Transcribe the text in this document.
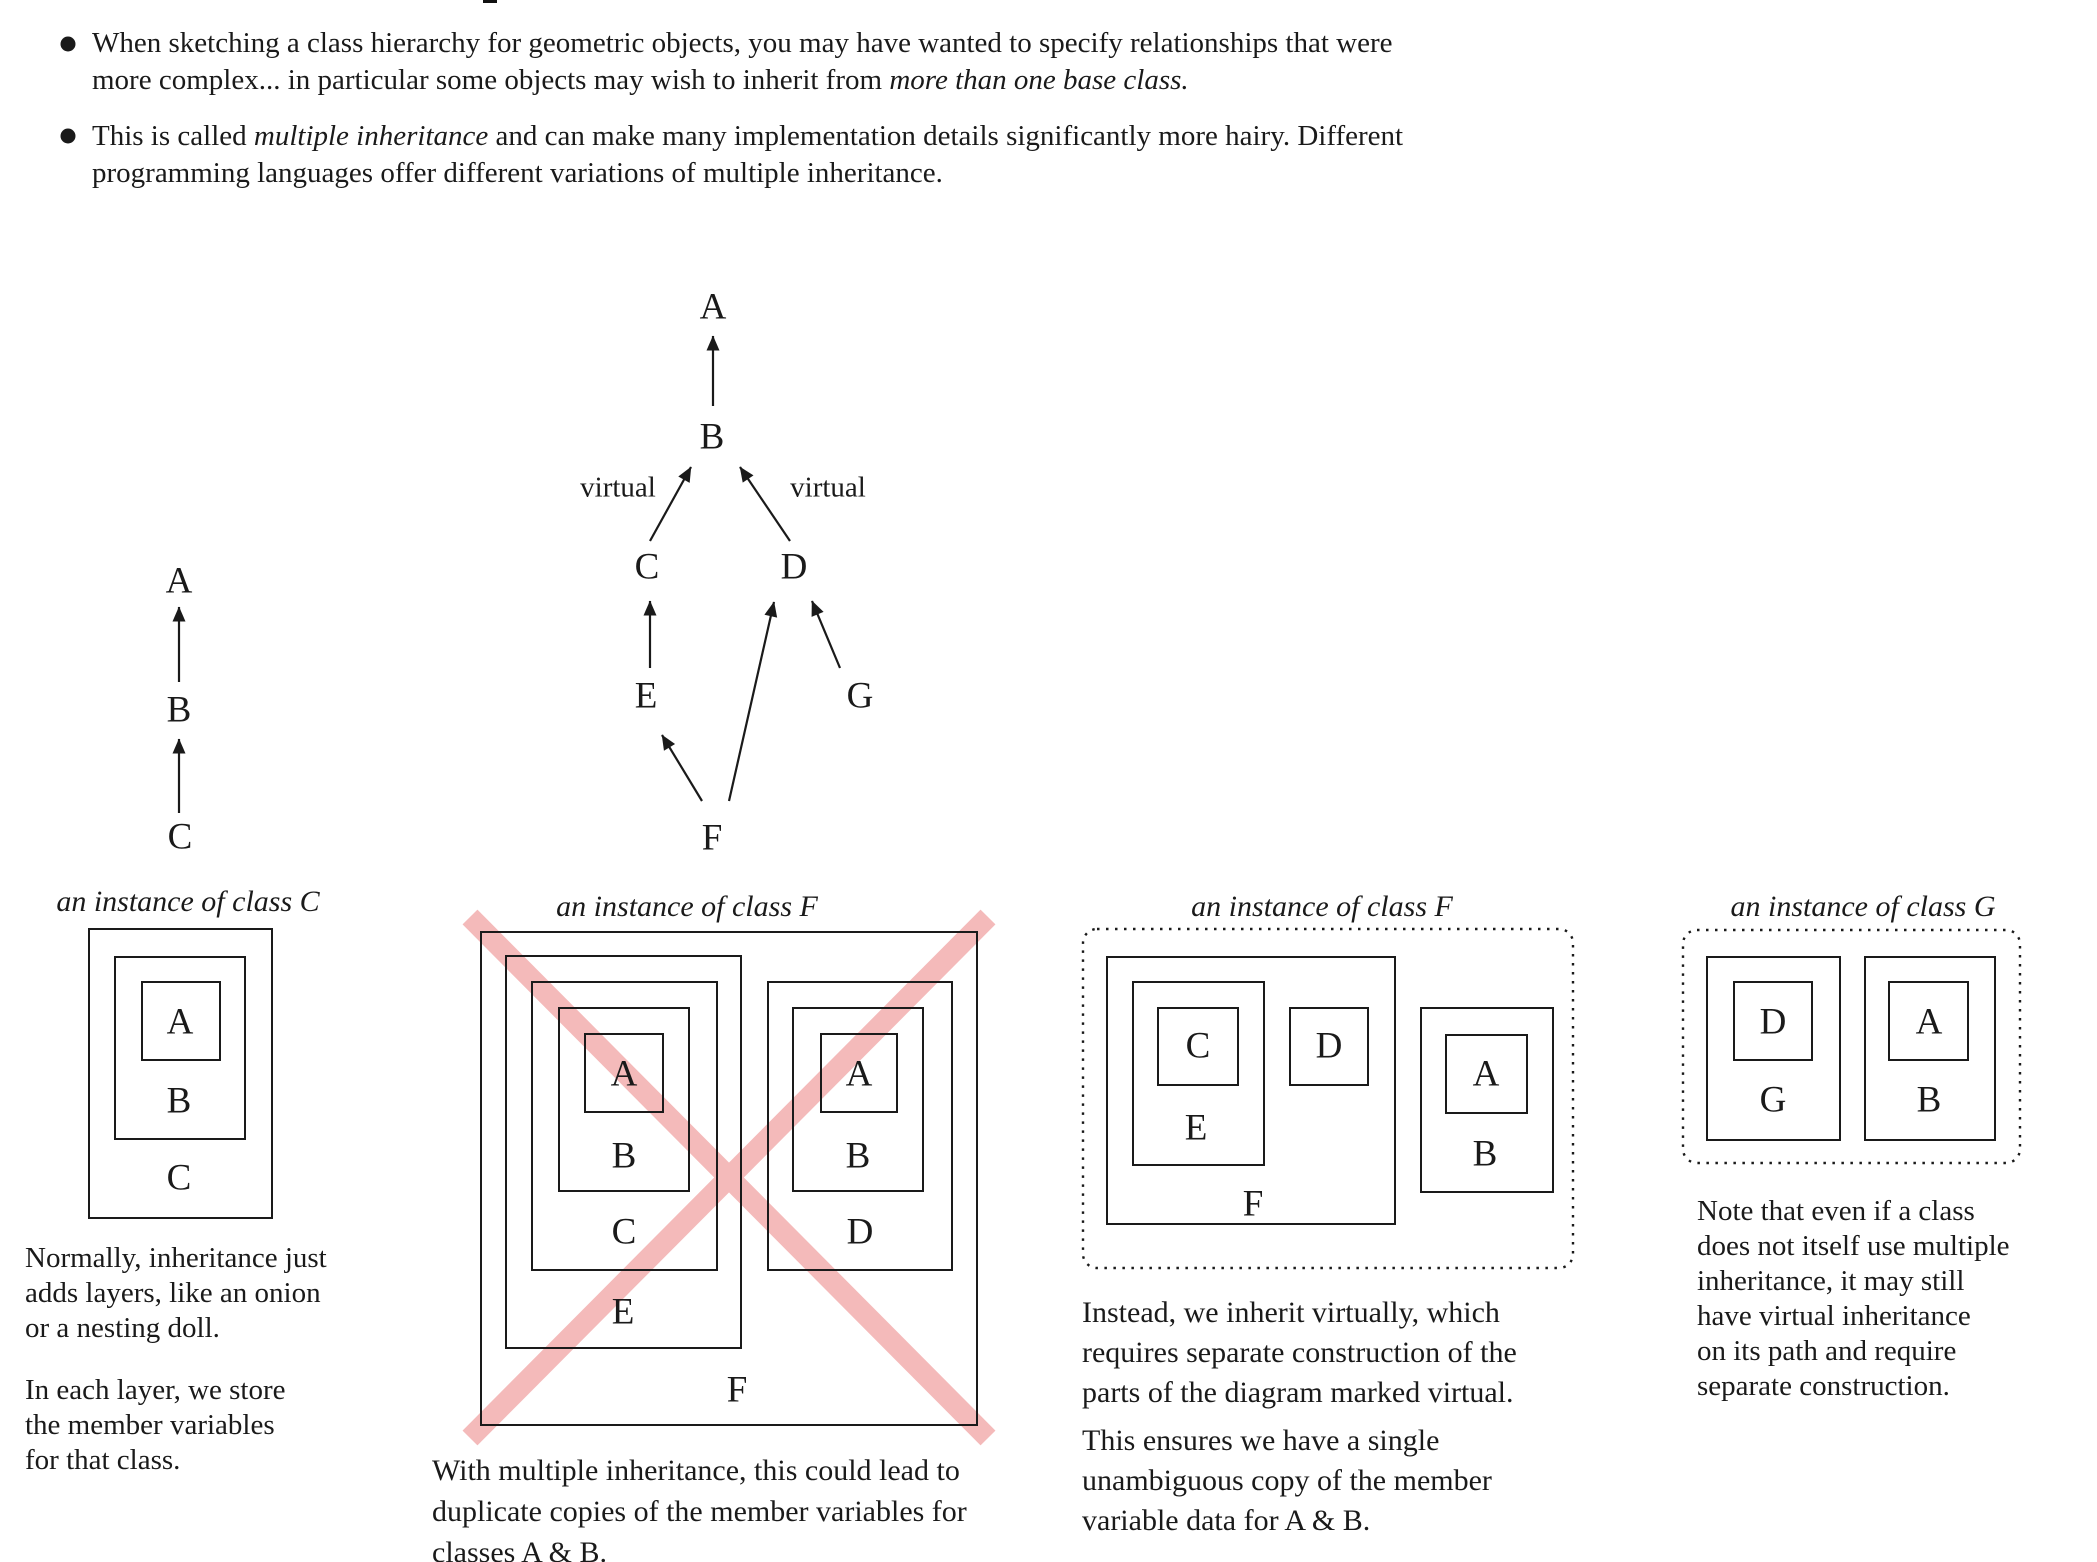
When sketching a class hierarchy for geometric objects, you may have wanted to specify relationships that were
more complex... in particular some objects may wish to inherit from more than one base class.
This is called multiple inheritance and can make many implementation details significantly more hairy. Different
programming languages offer different variations of multiple inheritance.
A
B
C	D
E	G
F
virtual	virtual
A
B
C
an instance of class C
A
B
C
Normally, inheritance just
adds layers, like an onion
or a nesting doll.
In each layer, we store
the member variables
for that class.
an instance of class F
A
B
C
E
A
B
D
F
With multiple inheritance, this could lead to
duplicate copies of the member variables for
classes A & B.
an instance of class F
C	D
E
F
A
B
Instead, we inherit virtually, which
requires separate construction of the
parts of the diagram marked virtual.
This ensures we have a single
unambiguous copy of the member
variable data for A & B.
an instance of class G
D
G
A
B
Note that even if a class
does not itself use multiple
inheritance, it may still
have virtual inheritance
on its path and require
separate construction.
